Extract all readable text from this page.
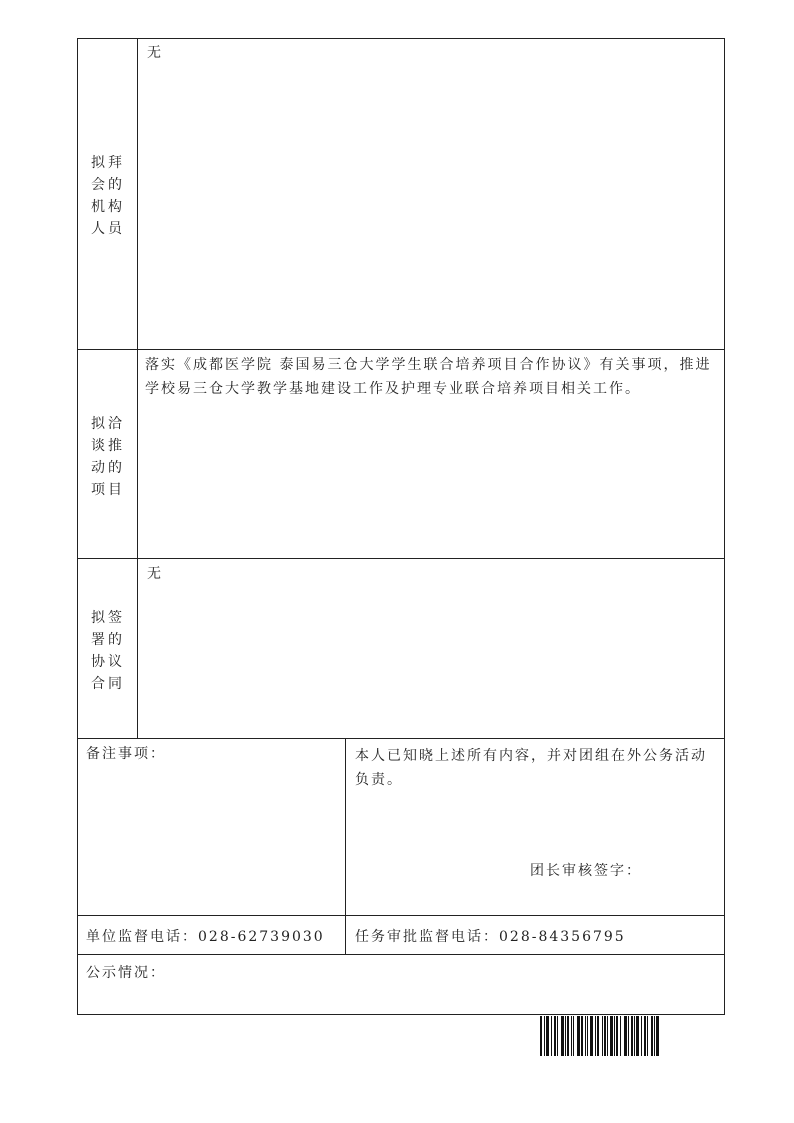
拟拜
会的
机构
人员
无
拟洽
谈推
动的
项目
落实《成都医学院 泰国易三仓大学学生联合培养项目合作协议》有关事项，推进
学校易三仓大学教学基地建设工作及护理专业联合培养项目相关工作。
拟签
署的
协议
合同
无
备注事项：	本人已知晓上述所有内容，并对团组在外公务活动
负责。
团长审核签字：
单位监督电话：028-62739030 任务审批监督电话：028-84356795
公示情况：
